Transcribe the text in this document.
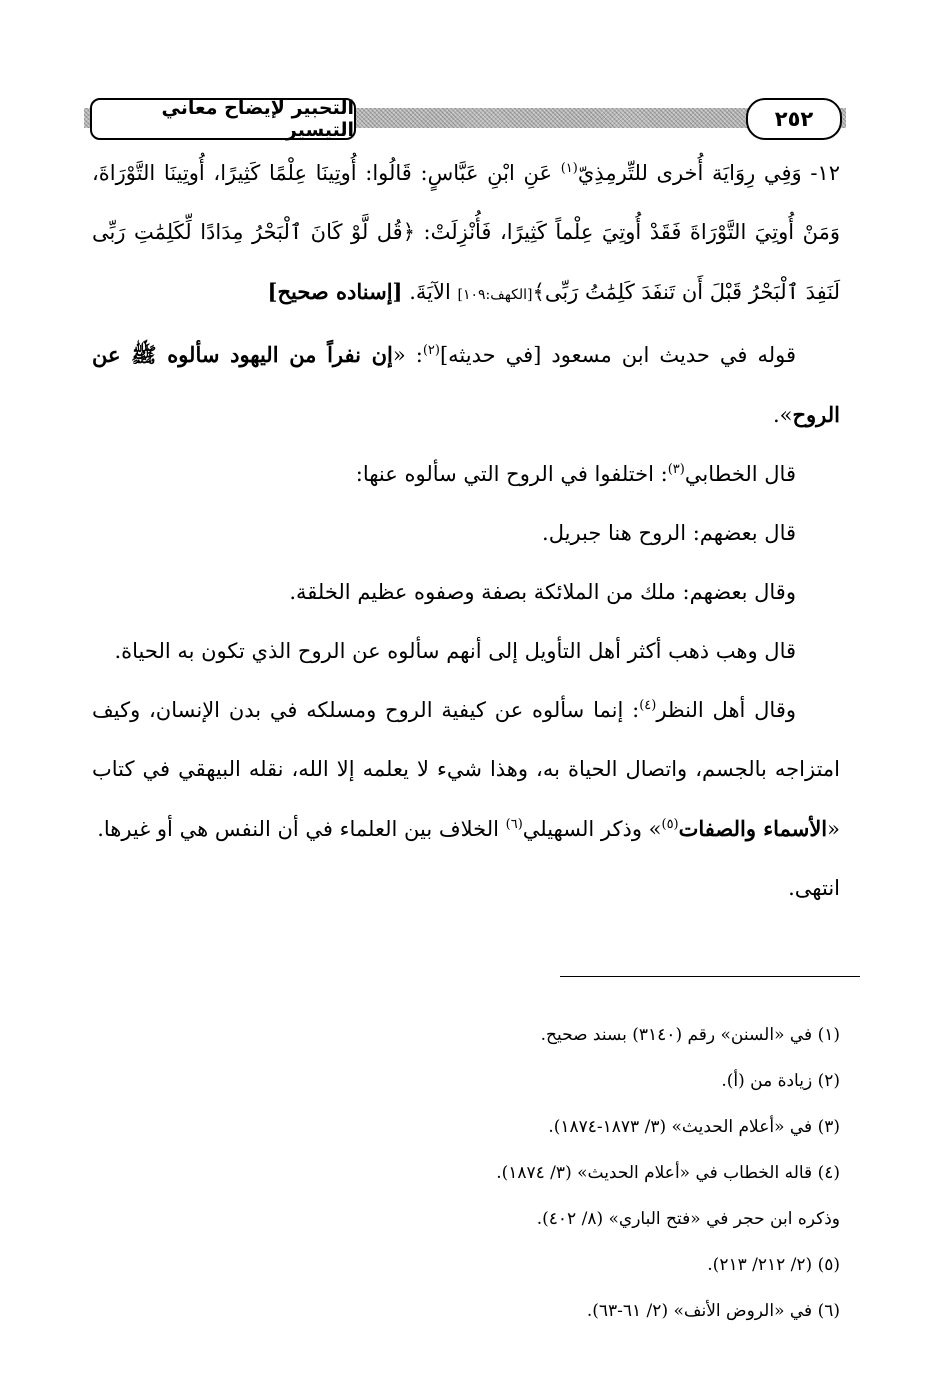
التحبير لإيضاح معاني التيسير	٢٥٢

١٢- وَفِي رِوَايَة أُخرى للتِّرمِذِيّ$^{(١)}$ عَنِ ابْنِ عَبَّاسٍ: قَالُوا: أُوتِينَا عِلْمًا كَثِيرًا، أُوتِينَا التَّوْرَاةَ، وَمَنْ أُوتِيَ التَّوْرَاةَ فَقَدْ أُوتِيَ عِلْماً كَثِيرًا، فَأُنْزِلَتْ: ﴿قُل لَّوْ كَانَ ٱلْبَحْرُ مِدَادًا لِّكَلِمَٰتِ رَبِّى لَنَفِدَ ٱلْبَحْرُ قَبْلَ أَن تَنفَدَ كَلِمَٰتُ رَبِّى﴾[الكهف:١٠٩] الآيَةَ. [إسناده صحيح]

قوله في حديث ابن مسعود [في حديثه]$^{(٢)}$: «إن نفراً من اليهود سألوه ﷺ عن الروح».

قال الخطابي$^{(٣)}$: اختلفوا في الروح التي سألوه عنها:

قال بعضهم: الروح هنا جبريل.

وقال بعضهم: ملك من الملائكة بصفة وصفوه عظيم الخلقة.

قال وهب ذهب أكثر أهل التأويل إلى أنهم سألوه عن الروح الذي تكون به الحياة.

وقال أهل النظر$^{(٤)}$: إنما سألوه عن كيفية الروح ومسلكه في بدن الإنسان، وكيف امتزاجه بالجسم، واتصال الحياة به، وهذا شيء لا يعلمه إلا الله، نقله البيهقي في كتاب «الأسماء والصفات$^{(٥)}$» وذكر السهيلي$^{(٦)}$ الخلاف بين العلماء في أن النفس هي أو غيرها.

انتهى.

(١) في «السنن» رقم (٣١٤٠) بسند صحيح.
(٢) زيادة من (أ).
(٣) في «أعلام الحديث» (٣/ ١٨٧٣-١٨٧٤).
(٤) قاله الخطاب في «أعلام الحديث» (٣/ ١٨٧٤).
وذكره ابن حجر في «فتح الباري» (٨/ ٤٠٢).
(٥) (٢/ ٢١٢/ ٢١٣).
(٦) في «الروض الأنف» (٢/ ٦١-٦٣).
